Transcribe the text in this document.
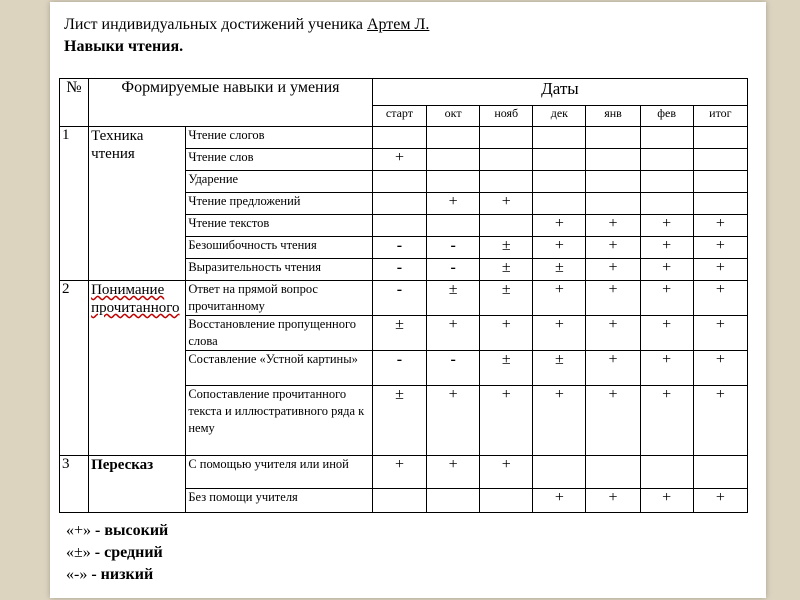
Лист индивидуальных достижений ученика Артем Л.
Навыки чтения.
№	Формируемые навыки и умения		Даты						
			старт	окт	нояб	дек	янв	фев	итог
1	Техника чтения	Чтение слогов							
		Чтение слов	+						
		Ударение							
		Чтение предложений		+	+				
		Чтение текстов				+	+	+	+
		Безошибочность чтения	-	-	±	+	+	+	+
		Выразительность чтения	-	-	±	±	+	+	+
2	Понимание прочитанного	Ответ на прямой вопрос прочитанному	-	±	±	+	+	+	+
		Восстановление пропущенного слова	±	+	+	+	+	+	+
		Составление «Устной картины»	-	-	±	±	+	+	+
		Сопоставление прочитанного текста и иллюстративного ряда к нему	±	+	+	+	+	+	+
3	Пересказ	С помощью учителя или иной	+	+	+				
		Без помощи учителя				+	+	+	+
«+» - высокий
«±» - средний
«-» - низкий
